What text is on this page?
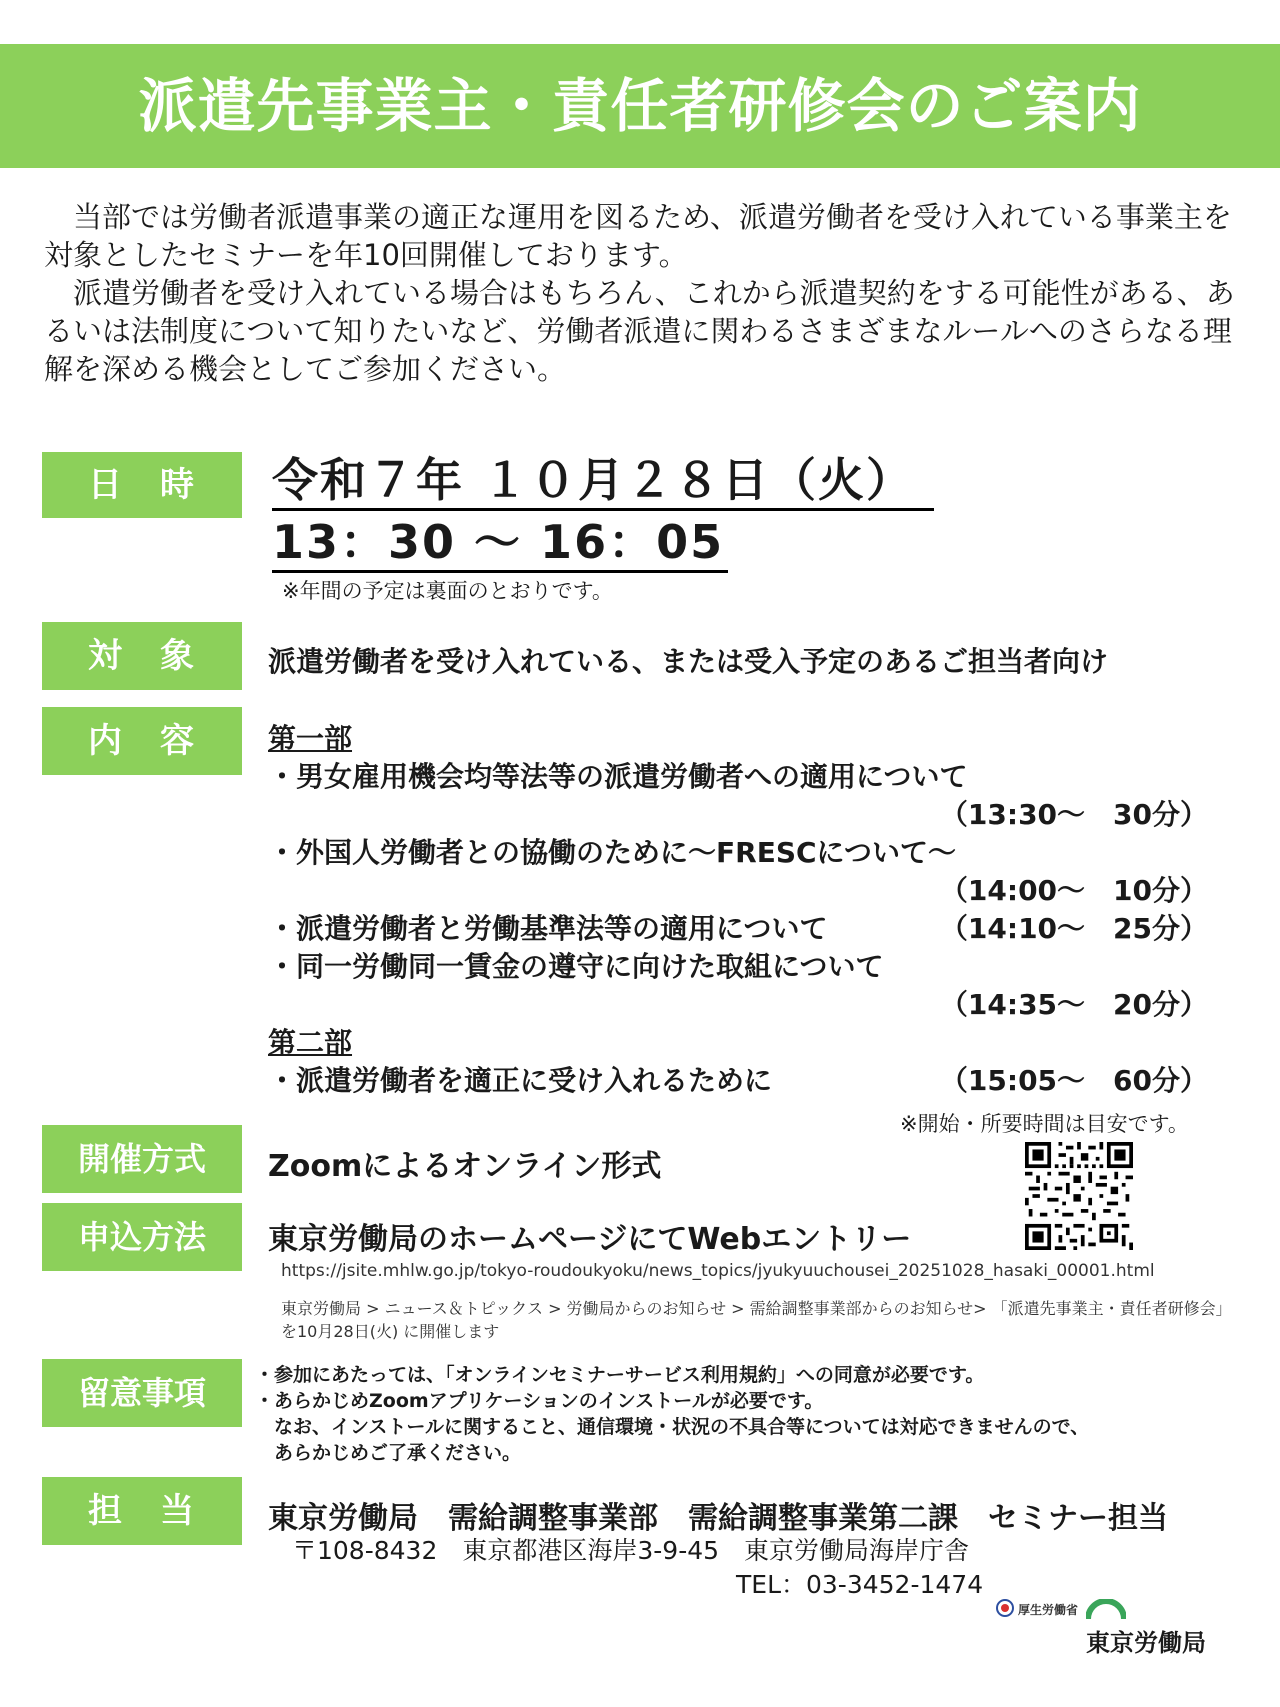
派遣先事業主・責任者研修会のご案内

当部では労働者派遣事業の適正な運用を図るため、派遣労働者を受け入れている事業主を対象としたセミナーを年10回開催しております。

派遣労働者を受け入れている場合はもちろん、これから派遣契約をする可能性がある、あるいは法制度について知りたいなど、労働者派遣に関わるさまざまなルールへのさらなる理解を深める機会としてご参加ください。

日　時	令和７年 １０月２８日（火）
13：30 ～ 16：05
※年間の予定は裏面のとおりです。
対　象	派遣労働者を受け入れている、または受入予定のあるご担当者向け
内　容	第一部
・男女雇用機会均等法等の派遣労働者への適用について
（13:30～　30分）
・外国人労働者との協働のために～FRESCについて～
（14:00～　10分）
・派遣労働者と労働基準法等の適用について	（14:10～　25分）
・同一労働同一賃金の遵守に向けた取組について
（14:35～　20分）
第二部
・派遣労働者を適正に受け入れるために	（15:05～　60分）
※開始・所要時間は目安です。
開催方式	Zoomによるオンライン形式
申込方法	東京労働局のホームページにてWebエントリー
https://jsite.mhlw.go.jp/tokyo-roudoukyoku/news_topics/jyukyuuchousei_20251028_hasaki_00001.html
東京労働局 > ニュース＆トピックス > 労働局からのお知らせ > 需給調整事業部からのお知らせ> 「派遣先事業主・責任者研修会」を10月28日(火) に開催します
留意事項	・参加にあたっては、「オンラインセミナーサービス利用規約」への同意が必要です。
・あらかじめZoomアプリケーションのインストールが必要です。
なお、インストールに関すること、通信環境・状況の不具合等については対応できませんので、
あらかじめご了承ください。
担　当	東京労働局　需給調整事業部　需給調整事業第二課　セミナー担当
〒108-8432　東京都港区海岸3-9-45　東京労働局海岸庁舎
TEL：03-3452-1474
厚生労働省
東京労働局
